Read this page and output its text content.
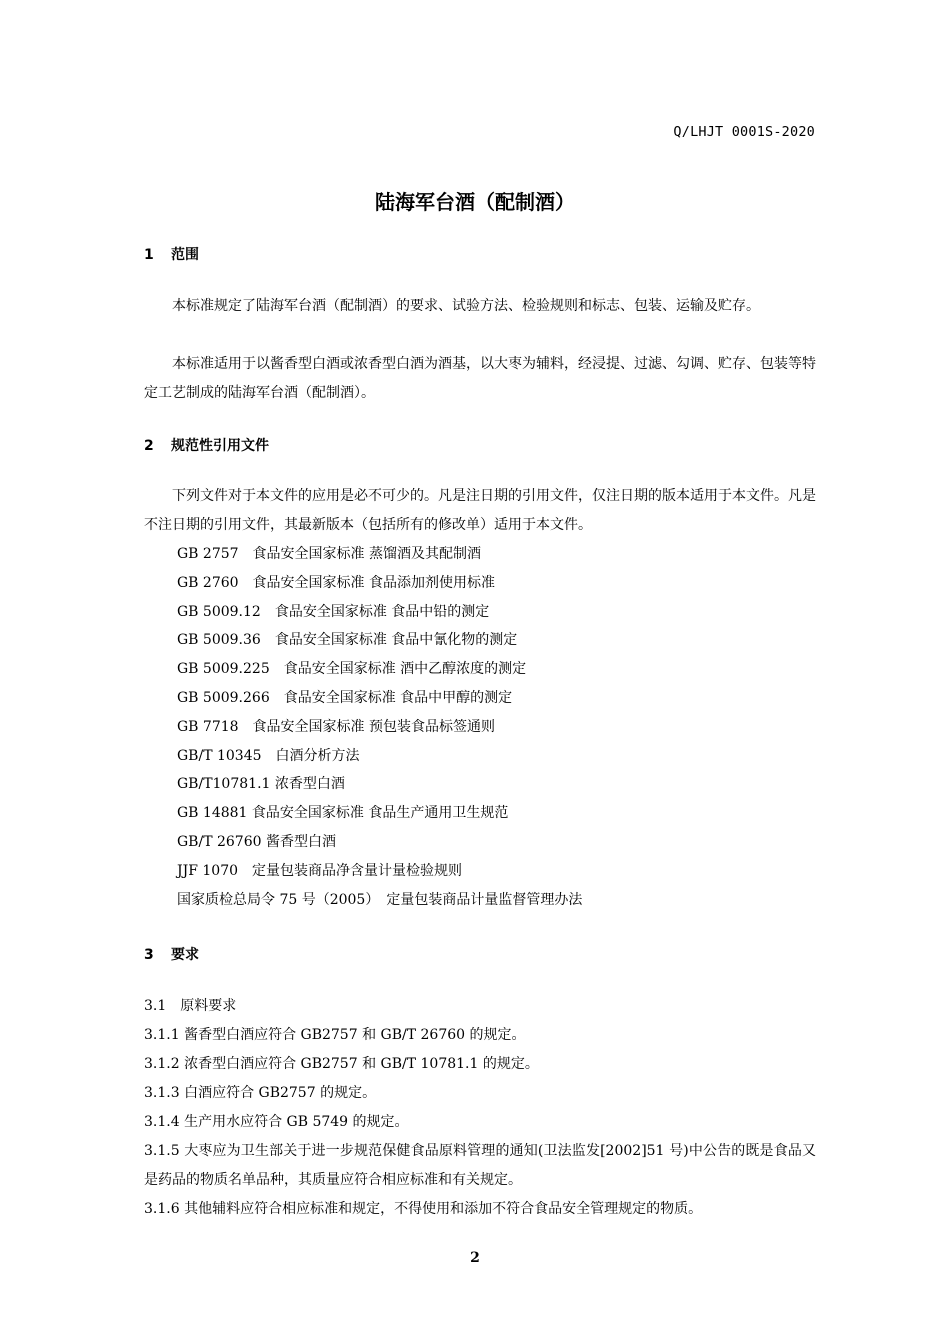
Q/LHJT 0001S-2020
陆海军台酒（配制酒）
1 范围
本标准规定了陆海军台酒（配制酒）的要求、试验方法、检验规则和标志、包装、运输及贮存。
本标准适用于以酱香型白酒或浓香型白酒为酒基，以大枣为辅料，经浸提、过滤、勾调、贮存、包装等特定工艺制成的陆海军台酒（配制酒）。
2 规范性引用文件
下列文件对于本文件的应用是必不可少的。凡是注日期的引用文件，仅注日期的版本适用于本文件。凡是不注日期的引用文件，其最新版本（包括所有的修改单）适用于本文件。
GB 2757　食品安全国家标准 蒸馏酒及其配制酒
GB 2760　食品安全国家标准 食品添加剂使用标准
GB 5009.12　食品安全国家标准 食品中铅的测定
GB 5009.36　食品安全国家标准 食品中氰化物的测定
GB 5009.225　食品安全国家标准 酒中乙醇浓度的测定
GB 5009.266　食品安全国家标准 食品中甲醇的测定
GB 7718　食品安全国家标准 预包装食品标签通则
GB/T 10345　白酒分析方法
GB/T10781.1 浓香型白酒
GB 14881 食品安全国家标准 食品生产通用卫生规范
GB/T 26760 酱香型白酒
JJF 1070　定量包装商品净含量计量检验规则
国家质检总局令 75 号（2005）　定量包装商品计量监督管理办法
3 要求
3.1　原料要求
3.1.1 酱香型白酒应符合 GB2757 和 GB/T 26760 的规定。
3.1.2 浓香型白酒应符合 GB2757 和 GB/T 10781.1 的规定。
3.1.3 白酒应符合 GB2757 的规定。
3.1.4 生产用水应符合 GB 5749 的规定。
3.1.5 大枣应为卫生部关于进一步规范保健食品原料管理的通知(卫法监发[2002]51 号)中公告的既是食品又是药品的物质名单品种，其质量应符合相应标准和有关规定。
3.1.6 其他辅料应符合相应标准和规定，不得使用和添加不符合食品安全管理规定的物质。
2
